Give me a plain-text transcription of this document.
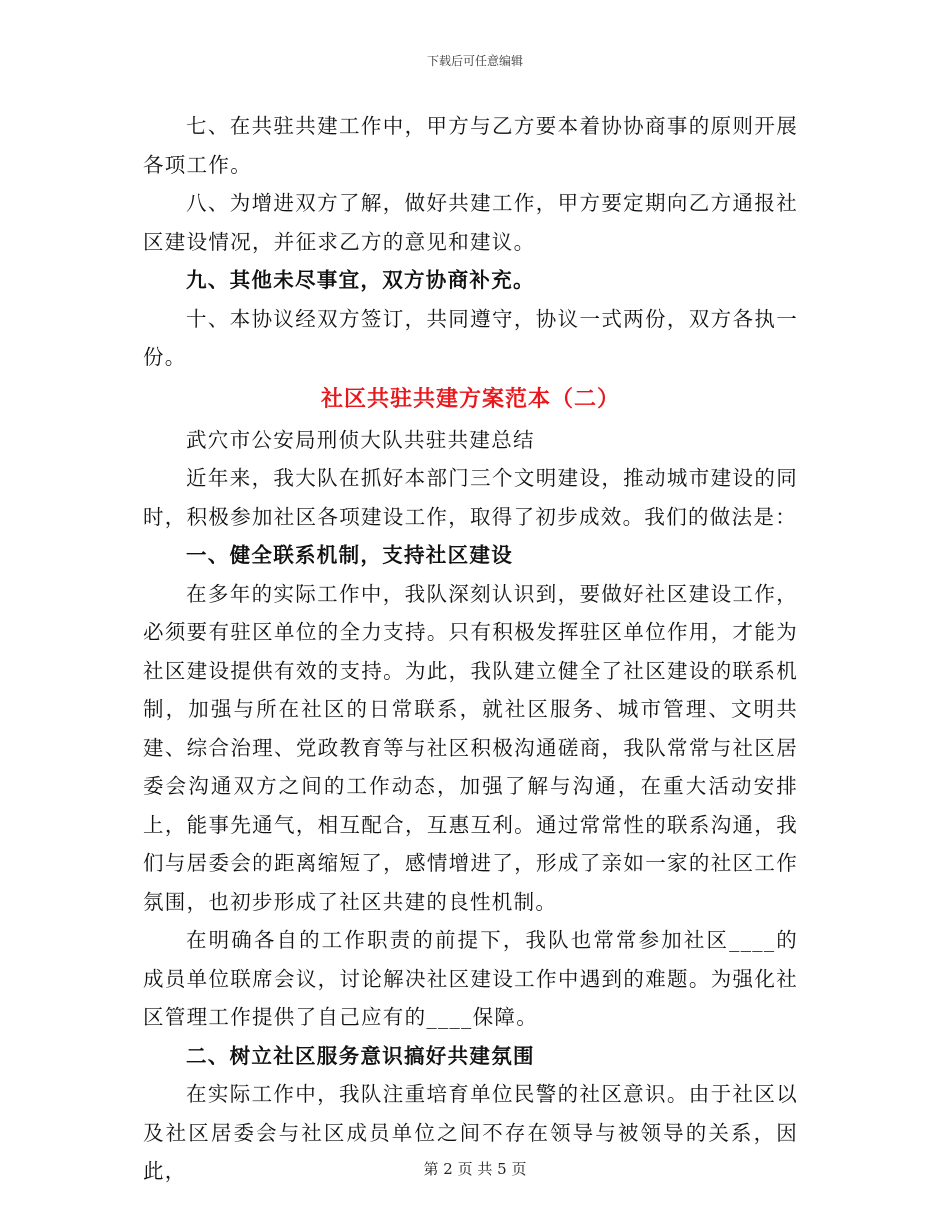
下载后可任意编辑

七、在共驻共建工作中，甲方与乙方要本着协协商事的原则开展各项工作。

八、为增进双方了解，做好共建工作，甲方要定期向乙方通报社区建设情况，并征求乙方的意见和建议。

九、其他未尽事宜，双方协商补充。

十、本协议经双方签订，共同遵守，协议一式两份，双方各执一份。

社区共驻共建方案范本（二）

武穴市公安局刑侦大队共驻共建总结

近年来，我大队在抓好本部门三个文明建设，推动城市建设的同时，积极参加社区各项建设工作，取得了初步成效。我们的做法是：

一、健全联系机制，支持社区建设

在多年的实际工作中，我队深刻认识到，要做好社区建设工作，必须要有驻区单位的全力支持。只有积极发挥驻区单位作用，才能为社区建设提供有效的支持。为此，我队建立健全了社区建设的联系机制，加强与所在社区的日常联系，就社区服务、城市管理、文明共建、综合治理、党政教育等与社区积极沟通磋商，我队常常与社区居委会沟通双方之间的工作动态，加强了解与沟通，在重大活动安排上，能事先通气，相互配合，互惠互利。通过常常性的联系沟通，我们与居委会的距离缩短了，感情增进了，形成了亲如一家的社区工作氛围，也初步形成了社区共建的良性机制。

在明确各自的工作职责的前提下，我队也常常参加社区____的成员单位联席会议，讨论解决社区建设工作中遇到的难题。为强化社区管理工作提供了自己应有的____保障。

二、树立社区服务意识搞好共建氛围

在实际工作中，我队注重培育单位民警的社区意识。由于社区以及社区居委会与社区成员单位之间不存在领导与被领导的关系，因此，	第 2 页 共 5 页
